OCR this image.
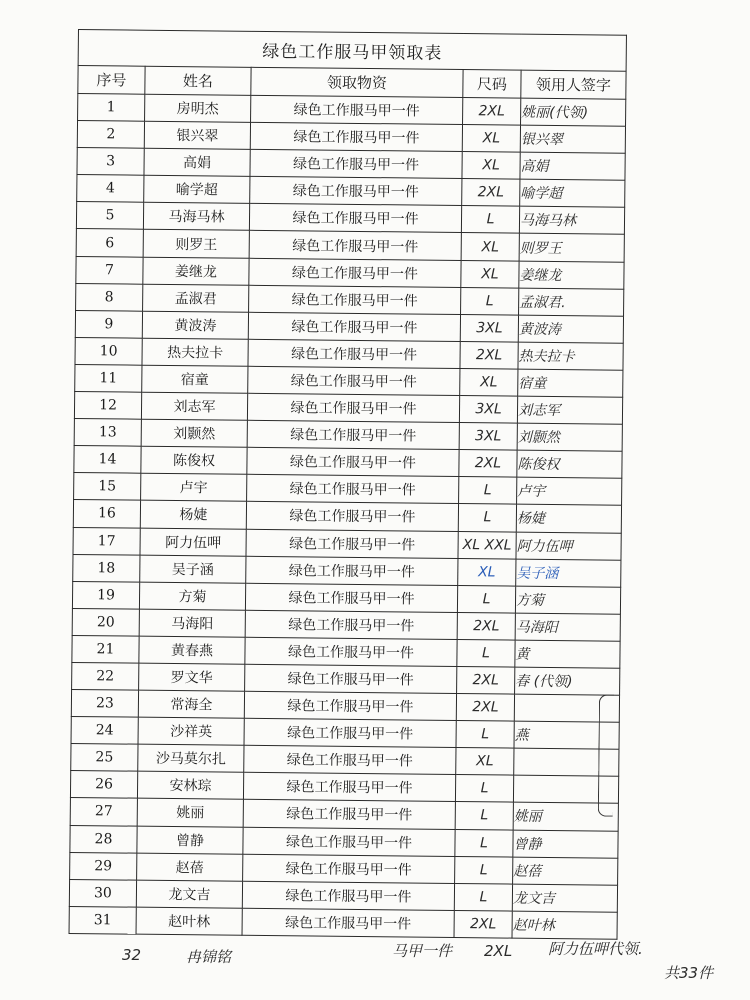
绿色工作服马甲领取表				
序号	姓名	领取物资	尺码	领用人签字
1	房明杰	绿色工作服马甲一件	2XL	姚丽(代领)
2	银兴翠	绿色工作服马甲一件	XL	银兴翠
3	高娟	绿色工作服马甲一件	XL	高娟
4	喻学超	绿色工作服马甲一件	2XL	喻学超
5	马海马林	绿色工作服马甲一件	L	马海马林
6	则罗王	绿色工作服马甲一件	XL	则罗王
7	姜继龙	绿色工作服马甲一件	XL	姜继龙
8	孟淑君	绿色工作服马甲一件	L	孟淑君.
9	黄波涛	绿色工作服马甲一件	3XL	黄波涛
10	热夫拉卡	绿色工作服马甲一件	2XL	热夫拉卡
11	宿童	绿色工作服马甲一件	XL	宿童
12	刘志军	绿色工作服马甲一件	3XL	刘志军
13	刘颢然	绿色工作服马甲一件	3XL	刘颢然
14	陈俊权	绿色工作服马甲一件	2XL	陈俊权
15	卢宇	绿色工作服马甲一件	L	卢宇
16	杨婕	绿色工作服马甲一件	L	杨婕
17	阿力伍呷	绿色工作服马甲一件	XL XXL	阿力伍呷
18	吴子涵	绿色工作服马甲一件	XL	吴子涵
19	方菊	绿色工作服马甲一件	L	方菊
20	马海阳	绿色工作服马甲一件	2XL	马海阳
21	黄春燕	绿色工作服马甲一件	L	黄
22	罗文华	绿色工作服马甲一件	2XL	春 (代领)
23	常海全	绿色工作服马甲一件	2XL	
24	沙祥英	绿色工作服马甲一件	L	燕
25	沙马莫尔扎	绿色工作服马甲一件	XL	
26	安林琮	绿色工作服马甲一件	L	
27	姚丽	绿色工作服马甲一件	L	姚丽
28	曾静	绿色工作服马甲一件	L	曾静
29	赵蓓	绿色工作服马甲一件	L	赵蓓
30	龙文吉	绿色工作服马甲一件	L	龙文吉
31	赵叶林	绿色工作服马甲一件	2XL	赵叶林
32	冉锦铭	马甲一件 2XL 阿力伍呷代领.
共33件
